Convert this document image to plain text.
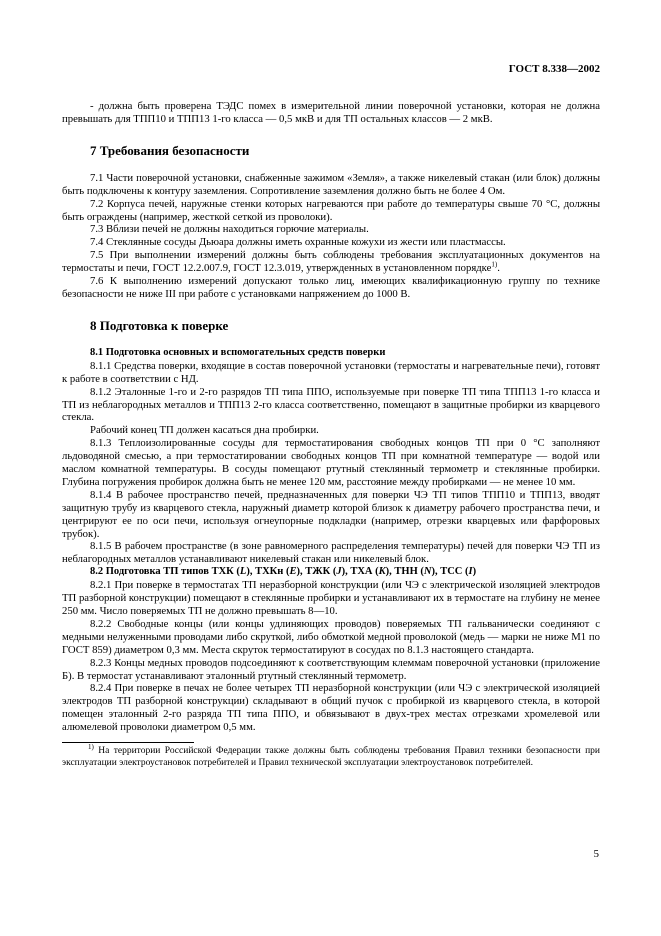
ГОСТ 8.338—2002

- должна быть проверена ТЭДС помех в измерительной линии поверочной установки, которая не должна превышать для ТПП10 и ТПП13 1-го класса — 0,5 мкВ и для ТП остальных классов — 2 мкВ.

7 Требования безопасности

7.1 Части поверочной установки, снабженные зажимом «Земля», а также никелевый стакан (или блок) должны быть подключены к контуру заземления. Сопротивление заземления должно быть не более 4 Ом.

7.2 Корпуса печей, наружные стенки которых нагреваются при работе до температуры свыше 70 °С, должны быть ограждены (например, жесткой сеткой из проволоки).

7.3 Вблизи печей не должны находиться горючие материалы.

7.4 Стеклянные сосуды Дьюара должны иметь охранные кожухи из жести или пластмассы.

7.5 При выполнении измерений должны быть соблюдены требования эксплуатационных документов на термостаты и печи, ГОСТ 12.2.007.9, ГОСТ 12.3.019, утвержденных в установленном порядке$^{1)}$.

7.6 К выполнению измерений допускают только лиц, имеющих квалификационную группу по технике безопасности не ниже III при работе с установками напряжением до 1000 В.

8 Подготовка к поверке
8.1 Подготовка основных и вспомогательных средств поверки

8.1.1 Средства поверки, входящие в состав поверочной установки (термостаты и нагревательные печи), готовят к работе в соответствии с НД.

8.1.2 Эталонные 1-го и 2-го разрядов ТП типа ППО, используемые при поверке ТП типа ТПП13 1-го класса и ТП из неблагородных металлов и ТПП13 2-го класса соответственно, помещают в защитные пробирки из кварцевого стекла.

Рабочий конец ТП должен касаться дна пробирки.

8.1.3 Теплоизолированные сосуды для термостатирования свободных концов ТП при 0 °С заполняют льдоводяной смесью, а при термостатировании свободных концов ТП при комнатной температуре — водой или маслом комнатной температуры. В сосуды помещают ртутный стеклянный термометр и стеклянные пробирки. Глубина погружения пробирок должна быть не менее 120 мм, расстояние между пробирками — не менее 10 мм.

8.1.4 В рабочее пространство печей, предназначенных для поверки ЧЭ ТП типов ТПП10 и ТПП13, вводят защитную трубу из кварцевого стекла, наружный диаметр которой близок к диаметру рабочего пространства печи, и центрируют ее по оси печи, используя огнеупорные подкладки (например, отрезки кварцевых или фарфоровых трубок).

8.1.5 В рабочем пространстве (в зоне равномерного распределения температуры) печей для поверки ЧЭ ТП из неблагородных металлов устанавливают никелевый стакан или никелевый блок.

8.2 Подготовка ТП типов ТХК (L), ТХКн (E), ТЖК (J), ТХА (K), ТНН (N), ТСС (I)

8.2.1 При поверке в термостатах ТП неразборной конструкции (или ЧЭ с электрической изоляцией электродов ТП разборной конструкции) помещают в стеклянные пробирки и устанавливают их в термостате на глубину не менее 250 мм. Число поверяемых ТП не должно превышать 8—10.

8.2.2 Свободные концы (или концы удлиняющих проводов) поверяемых ТП гальванически соединяют с медными нелуженными проводами либо скруткой, либо обмоткой медной проволокой (медь — марки не ниже М1 по ГОСТ 859) диаметром 0,3 мм. Места скруток термостатируют в сосудах по 8.1.3 настоящего стандарта.

8.2.3 Концы медных проводов подсоединяют к соответствующим клеммам поверочной установки (приложение Б). В термостат устанавливают эталонный ртутный стеклянный термометр.

8.2.4 При поверке в печах не более четырех ТП неразборной конструкции (или ЧЭ с электрической изоляцией электродов ТП разборной конструкции) складывают в общий пучок с пробиркой из кварцевого стекла, в которой помещен эталонный 2-го разряда ТП типа ППО, и обвязывают в двух-трех местах отрезками хромелевой или алюмелевой проволоки диаметром 0,5 мм.

$^{1)}$ На территории Российской Федерации также должны быть соблюдены требования Правил техники безопасности при эксплуатации электроустановок потребителей и Правил технической эксплуатации электроустановок потребителей.

5
